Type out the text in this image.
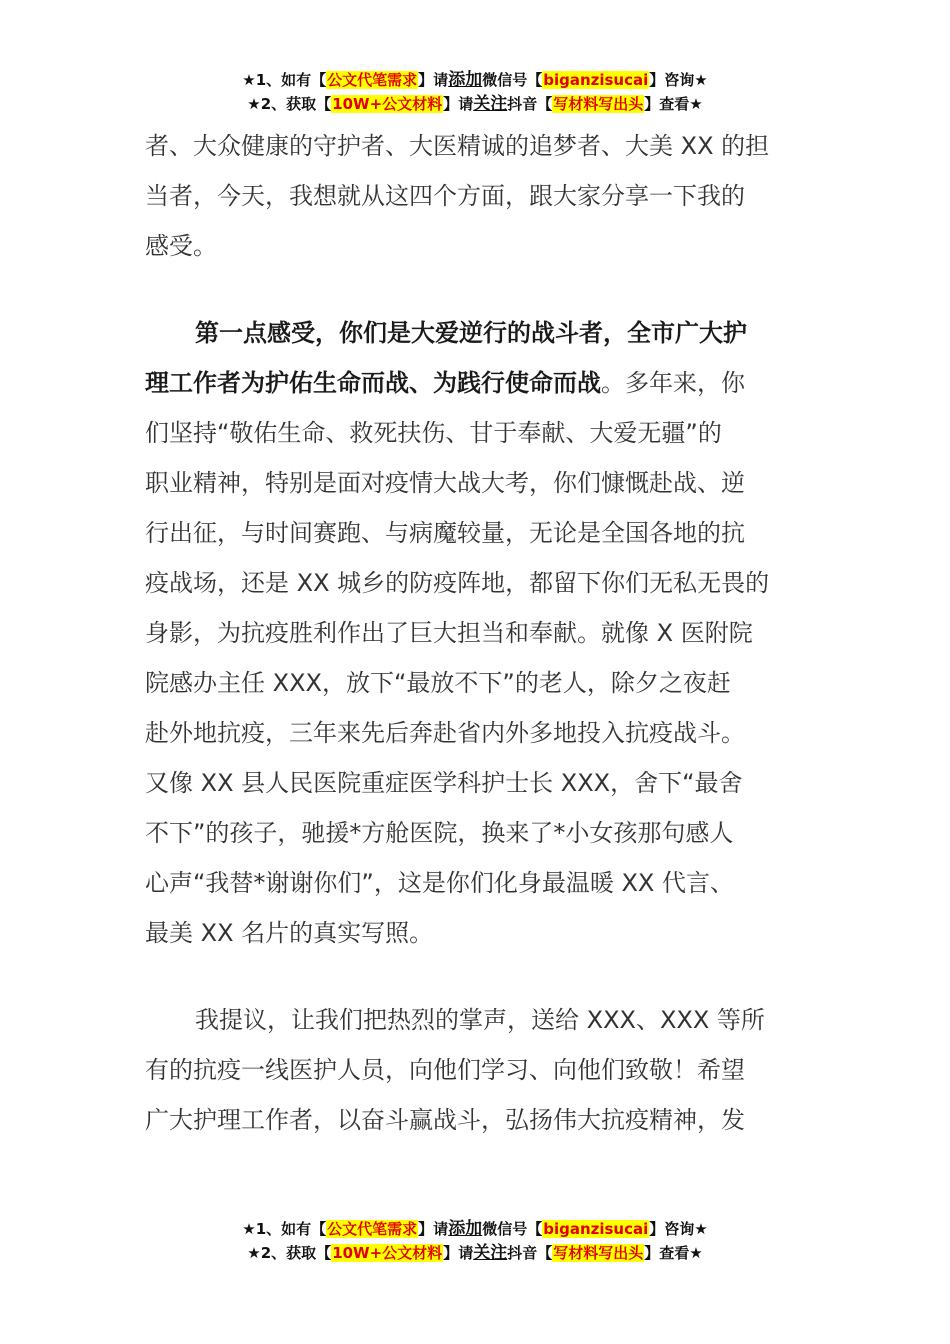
★1、如有【公文代笔需求】请添加微信号【biganzisucai】咨询★
★2、获取【10W+公文材料】请关注抖音【写材料写出头】查看★

者、大众健康的守护者、大医精诚的追梦者、大美 XX 的担
当者，今天，我想就从这四个方面，跟大家分享一下我的
感受。

第一点感受，你们是大爱逆行的战斗者，全市广大护
理工作者为护佑生命而战、为践行使命而战。多年来，你
们坚持“敬佑生命、救死扶伤、甘于奉献、大爱无疆”的
职业精神，特别是面对疫情大战大考，你们慷慨赴战、逆
行出征，与时间赛跑、与病魔较量，无论是全国各地的抗
疫战场，还是 XX 城乡的防疫阵地，都留下你们无私无畏的
身影，为抗疫胜利作出了巨大担当和奉献。就像 X 医附院
院感办主任 XXX，放下“最放不下”的老人，除夕之夜赶
赴外地抗疫，三年来先后奔赴省内外多地投入抗疫战斗。
又像 XX 县人民医院重症医学科护士长 XXX，舍下“最舍
不下”的孩子，驰援*方舱医院，换来了*小女孩那句感人
心声“我替*谢谢你们”，这是你们化身最温暖 XX 代言、
最美 XX 名片的真实写照。

我提议，让我们把热烈的掌声，送给 XXX、XXX 等所
有的抗疫一线医护人员，向他们学习、向他们致敬！希望
广大护理工作者，以奋斗赢战斗，弘扬伟大抗疫精神，发

★1、如有【公文代笔需求】请添加微信号【biganzisucai】咨询★
★2、获取【10W+公文材料】请关注抖音【写材料写出头】查看★
